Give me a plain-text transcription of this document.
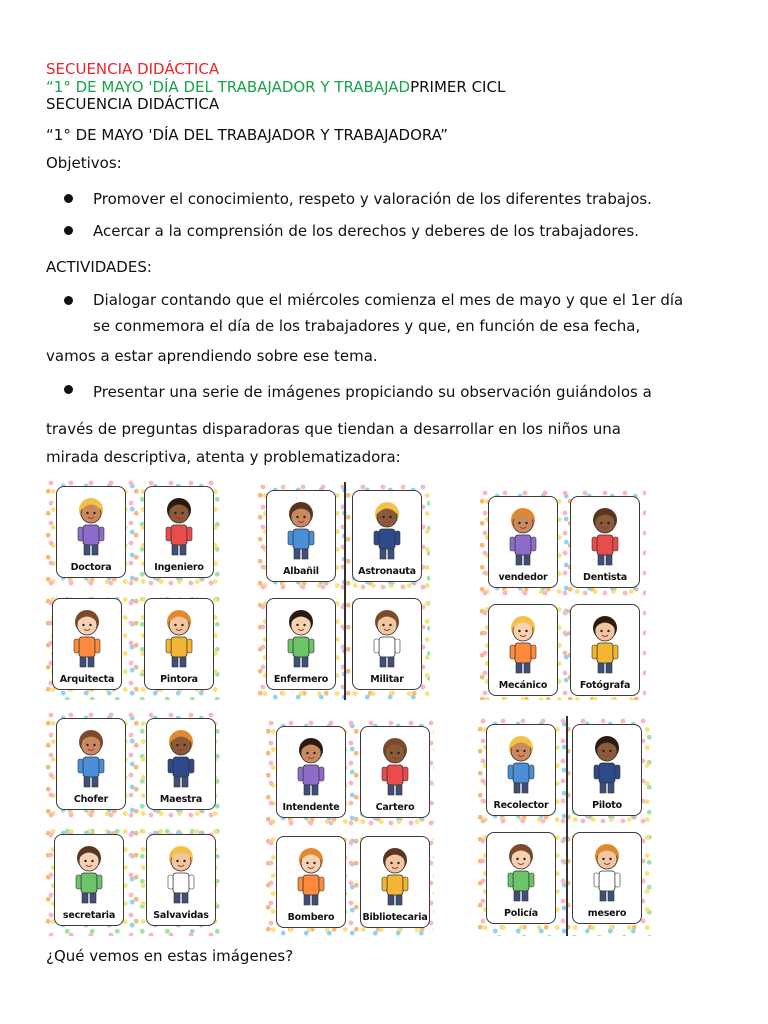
SECUENCIA DIDÁCTICA
“1° DE MAYO 'DÍA DEL TRABAJADOR Y TRABAJADPRIMER CICL
SECUENCIA DIDÁCTICA
“1° DE MAYO 'DÍA DEL TRABAJADOR Y TRABAJADORA”
Objetivos:
Promover el conocimiento, respeto y valoración de los diferentes trabajos.
Acercar a la comprensión de los derechos y deberes de los trabajadores.
ACTIVIDADES:
Dialogar contando que el miércoles comienza el mes de mayo y que el 1er día
se conmemora el día de los trabajadores y que, en función de esa fecha,
vamos a estar aprendiendo sobre ese tema.
Presentar una serie de imágenes propiciando su observación guiándolos a
través de preguntas disparadoras que tiendan a desarrollar en los niños una
mirada descriptiva, atenta y problematizadora:
Doctora	Ingeniero
Arquitecta	Pintora
Albañil	Astronauta
Enfermero	Militar
vendedor	Dentista
Mecánico	Fotógrafa
Chofer	Maestra
secretaria	Salvavidas
Intendente	Cartero
Bombero	Bibliotecaria
Recolector	Piloto
Policía	mesero
¿Qué vemos en estas imágenes?
